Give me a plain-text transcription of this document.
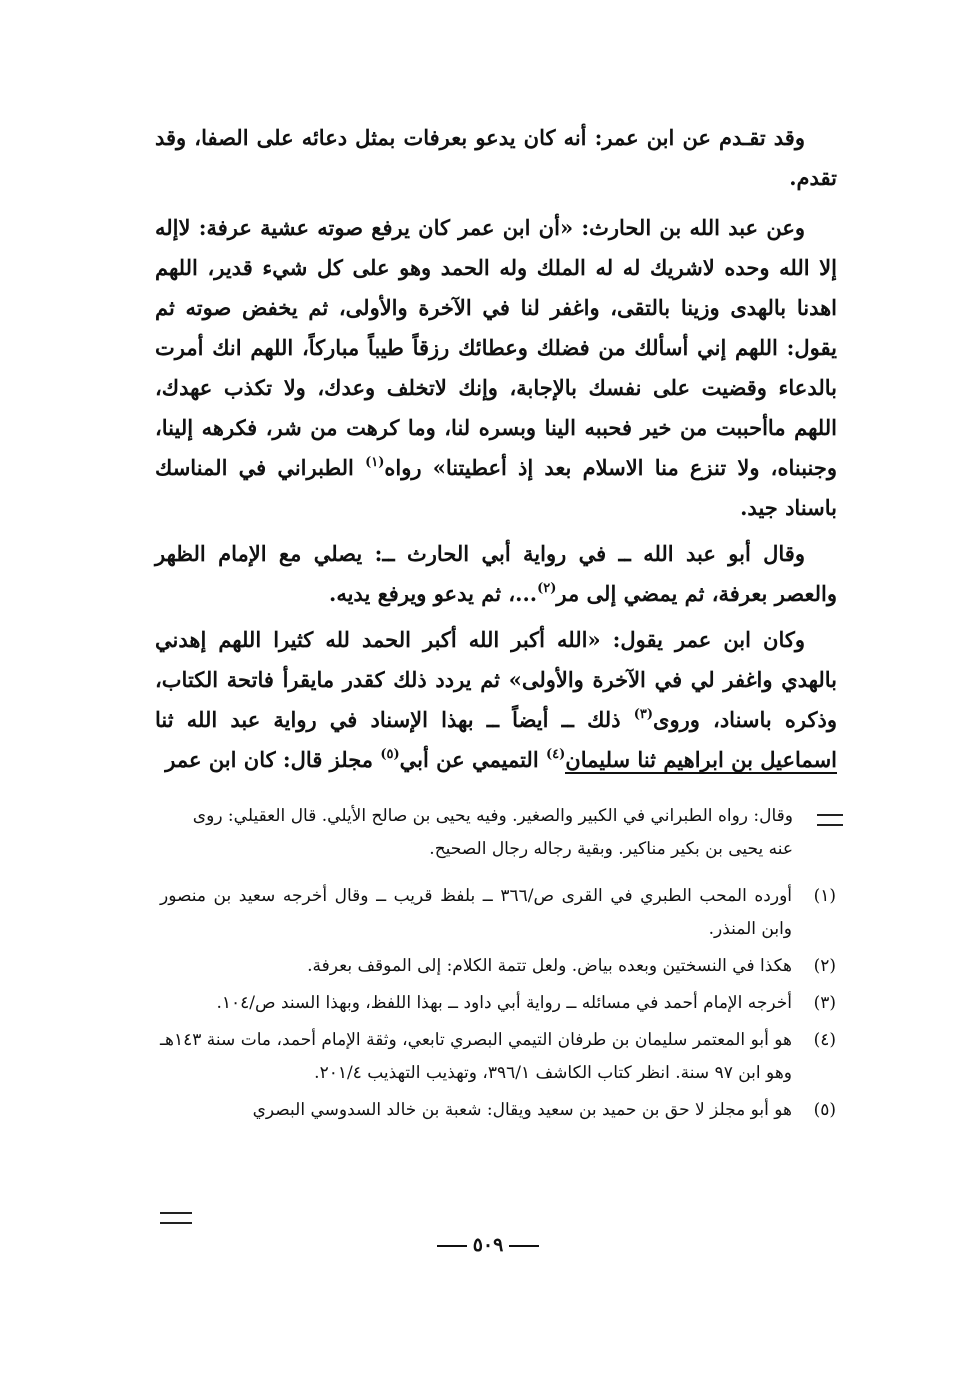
وقد تقـدم عن ابن عمر: أنه كان يدعو بعرفات بمثل دعائه على الصفا، وقد تقدم.

وعن عبد الله بن الحارث: «أن ابن عمر كان يرفع صوته عشية عرفة: لاإله إلا الله وحده لاشريك له له الملك وله الحمد وهو على كل شيء قدير، اللهم اهدنا بالهدى وزينا بالتقى، واغفر لنا في الآخرة والأولى، ثم يخفض صوته ثم يقول: اللهم إني أسألك من فضلك وعطائك رزقاً طيباً مباركاً، اللهم انك أمرت بالدعاء وقضيت على نفسك بالإجابة، وإنك لاتخلف وعدك، ولا تكذب عهدك، اللهم ماأحببت من خير فحببه الينا وبسره لنا، وما كرهت من شر، فكرهه إلينا، وجنبناه، ولا تنزع منا الاسلام بعد إذ أعطيتنا» رواه$^{(١)}$ الطبراني في المناسك باسناد جيد.

وقال أبو عبد الله ــ في رواية أبي الحارث ــ: يصلي مع الإمام الظهر والعصر بعرفة، ثم يمضي إلى مر$^{(٢)}$...، ثم يدعو ويرفع يديه.

وكان ابن عمر يقول: «الله أكبر الله أكبر الحمد لله كثيرا اللهم إهدني بالهدي واغفر لي في الآخرة والأولى» ثم يردد ذلك كقدر مايقرأ فاتحة الكتاب، وذكره باسناد، وروى$^{(٣)}$ ذلك ــ أيضاً ــ بهذا الإسناد في رواية عبد الله ثنا اسماعيل بن ابراهيم ثنا سليمان$^{(٤)}$ التميمي عن أبي$^{(٥)}$ مجلز قال: كان ابن عمر

وقال: رواه الطبراني في الكبير والصغير. وفيه يحيى بن صالح الأيلي. قال العقيلي: روى عنه يحيى بن بكير مناكير. وبقية رجاله رجال الصحيح.
(١)
أورده المحب الطبري في القرى ص/٣٦٦ ــ بلفظ قريب ــ وقال أخرجه سعيد بن منصور وابن المنذر.
(٢)
هكذا في النسختين وبعده بياض. ولعل تتمة الكلام: إلى الموقف بعرفة.
(٣)
أخرجه الإمام أحمد في مسائله ــ رواية أبي داود ــ بهذا اللفظ، وبهذا السند ص/١٠٤.
(٤)
هو أبو المعتمر سليمان بن طرفان التيمي البصري تابعي، وثقة الإمام أحمد، مات سنة ١٤٣هـ وهو ابن ٩٧ سنة. انظر كتاب الكاشف ٣٩٦/١، وتهذيب التهذيب ٢٠١/٤.
(٥)
هو أبو مجلز لا حق بن حميد بن سعيد ويقال: شعبة بن خالد السدوسي البصري
٥٠٩
